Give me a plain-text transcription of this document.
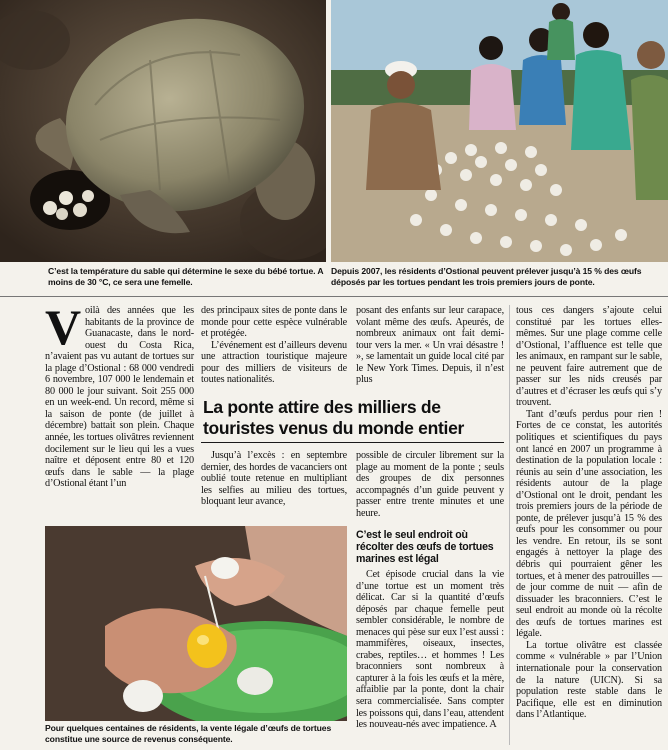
C’est la température du sable qui détermine le sexe du bébé tortue. A moins de 30 °C, ce sera une femelle.
Depuis 2007, les résidents d’Ostional peuvent prélever jusqu’à 15 % des œufs déposés par les tortues pendant les trois premiers jours de ponte.

Voilà des années que les habitants de la province de Guanacaste, dans le nord-ouest du Costa Rica, n’avaient pas vu autant de tortues sur la plage d’Ostional : 68 000 vendredi 6 novembre, 107 000 le lendemain et 80 000 le jour suivant. Soit 255 000 en un week-end. Un record, même si la saison de ponte (de juillet à décembre) battait son plein. Chaque année, les tortues olivâtres reviennent docilement sur le lieu qui les a vues naître et déposent entre 80 et 120 œufs dans le sable — la plage d’Ostional étant l’un

des principaux sites de ponte dans le monde pour cette espèce vulnérable et protégée.

L’événement est d’ailleurs devenu une attraction touristique majeure pour des milliers de visiteurs de toutes nationalités.

posant des enfants sur leur carapace, volant même des œufs. Apeurés, de nombreux animaux ont fait demi-tour vers la mer. « Un vrai désastre ! », se lamentait un guide local cité par le New York Times. Depuis, il n’est plus

La ponte attire des milliers de touristes venus du monde entier

Jusqu’à l’excès : en septembre dernier, des hordes de vacanciers ont oublié toute retenue en multipliant les selfies au milieu des tortues, bloquant leur avance,

possible de circuler librement sur la plage au moment de la ponte ; seuls des groupes de dix personnes accompagnés d’un guide peuvent y passer entre trente minutes et une heure.

C’est le seul endroit où récolter des œufs de tortues marines est légal

Cet épisode crucial dans la vie d’une tortue est un moment très délicat. Car si la quantité d’œufs déposés par chaque femelle peut sembler considérable, le nombre de menaces qui pèse sur eux l’est aussi : mammifères, oiseaux, insectes, crabes, reptiles… et hommes ! Les braconniers sont nombreux à capturer à la fois les œufs et la mère, affaiblie par la ponte, dont la chair sera commercialisée. Sans compter les poissons qui, dans l’eau, attendent les nouveau-nés avec impatience. A

Pour quelques centaines de résidents, la vente légale d’œufs de tortues constitue une source de revenus conséquente.

tous ces dangers s’ajoute celui constitué par les tortues elles-mêmes. Sur une plage comme celle d’Ostional, l’affluence est telle que les animaux, en rampant sur le sable, ne peuvent faire autrement que de passer sur les nids creusés par d’autres et d’écraser les œufs qui s’y trouvent.

Tant d’œufs perdus pour rien ! Fortes de ce constat, les autorités politiques et scientifiques du pays ont lancé en 2007 un programme à destination de la population locale : réunis au sein d’une association, les résidents autour de la plage d’Ostional ont le droit, pendant les trois premiers jours de la période de ponte, de prélever jusqu’à 15 % des œufs pour les consommer ou pour les vendre. En retour, ils se sont engagés à nettoyer la plage des débris qui pourraient gêner les tortues, et à mener des patrouilles — de jour comme de nuit — afin de dissuader les braconniers. C’est le seul endroit au monde où la récolte des œufs de tortues marines est légale.

La tortue olivâtre est classée comme « vulnérable » par l’Union internationale pour la conservation de la nature (UICN). Si sa population reste stable dans le Pacifique, elle est en diminution dans l’Atlantique.
